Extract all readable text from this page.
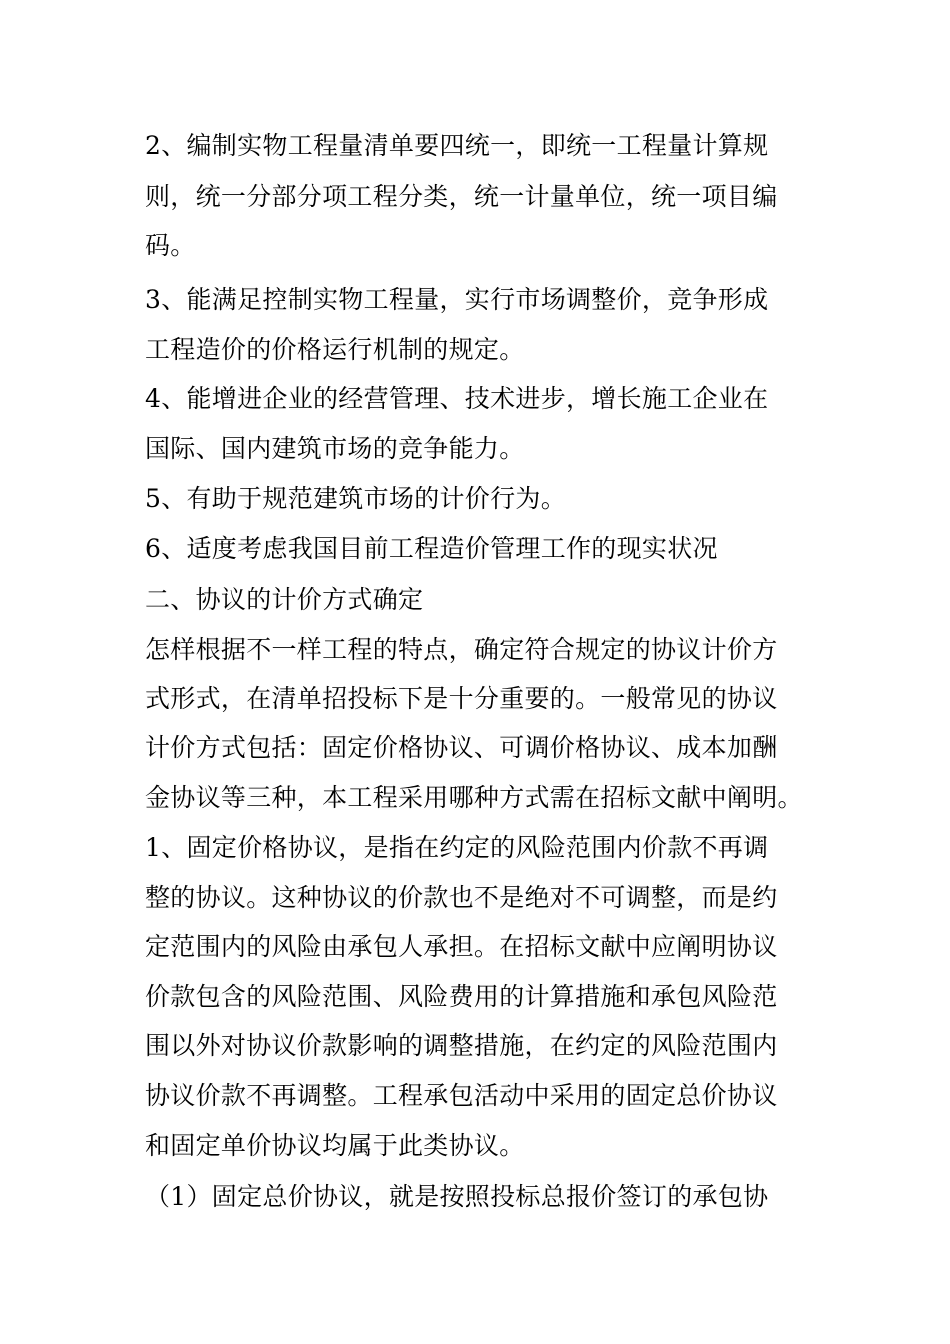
2、编制实物工程量清单要四统一，即统一工程量计算规
则，统一分部分项工程分类，统一计量单位，统一项目编
码。
3、能满足控制实物工程量，实行市场调整价，竞争形成
工程造价的价格运行机制的规定。
4、能增进企业的经营管理、技术进步，增长施工企业在
国际、国内建筑市场的竞争能力。
5、有助于规范建筑市场的计价行为。
6、适度考虑我国目前工程造价管理工作的现实状况
二、协议的计价方式确定
怎样根据不一样工程的特点，确定符合规定的协议计价方
式形式，在清单招投标下是十分重要的。一般常见的协议
计价方式包括：固定价格协议、可调价格协议、成本加酬
金协议等三种，本工程采用哪种方式需在招标文献中阐明。
1、固定价格协议，是指在约定的风险范围内价款不再调
整的协议。这种协议的价款也不是绝对不可调整，而是约
定范围内的风险由承包人承担。在招标文献中应阐明协议
价款包含的风险范围、风险费用的计算措施和承包风险范
围以外对协议价款影响的调整措施，在约定的风险范围内
协议价款不再调整。工程承包活动中采用的固定总价协议
和固定单价协议均属于此类协议。
（1）固定总价协议，就是按照投标总报价签订的承包协
